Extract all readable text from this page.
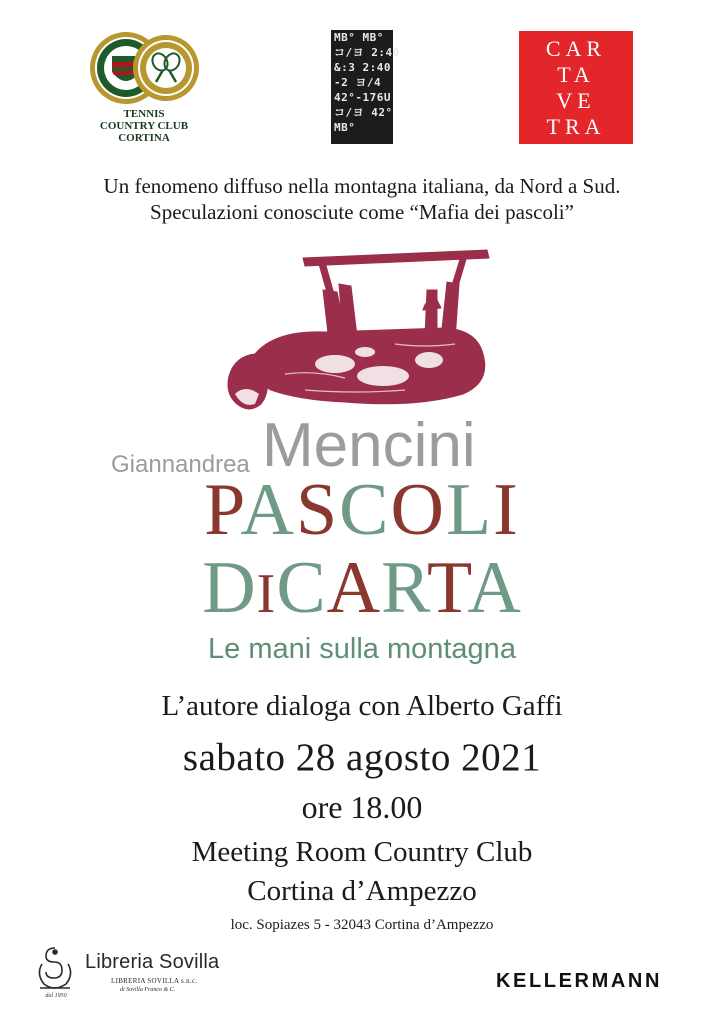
TENNIS
COUNTRY CLUB
CORTINA
MB° MB°
コ/ヨ 2:40
&:3 2:40
-2 ヨ/4
42°-176U
コ/ヨ 42°
MB°
CAR
TA
VE
TRA
TA
Un fenomeno diffuso nella montagna italiana, da Nord a Sud.
Speculazioni conosciute come “Mafia dei pascoli”
Giannandrea Mencini
PASCOLI
DICARTA
Le mani sulla montagna
L’autore dialoga con Alberto Gaffi
sabato 28 agosto 2021
ore 18.00
Meeting Room Country Club
Cortina d’Ampezzo
loc. Sopiazes 5 - 32043 Cortina d’Ampezzo
dal 1950
Libreria Sovilla
LIBRERIA SOVILLA s.n.c.
di Sovilla Franco & C.	KELLERMANN
